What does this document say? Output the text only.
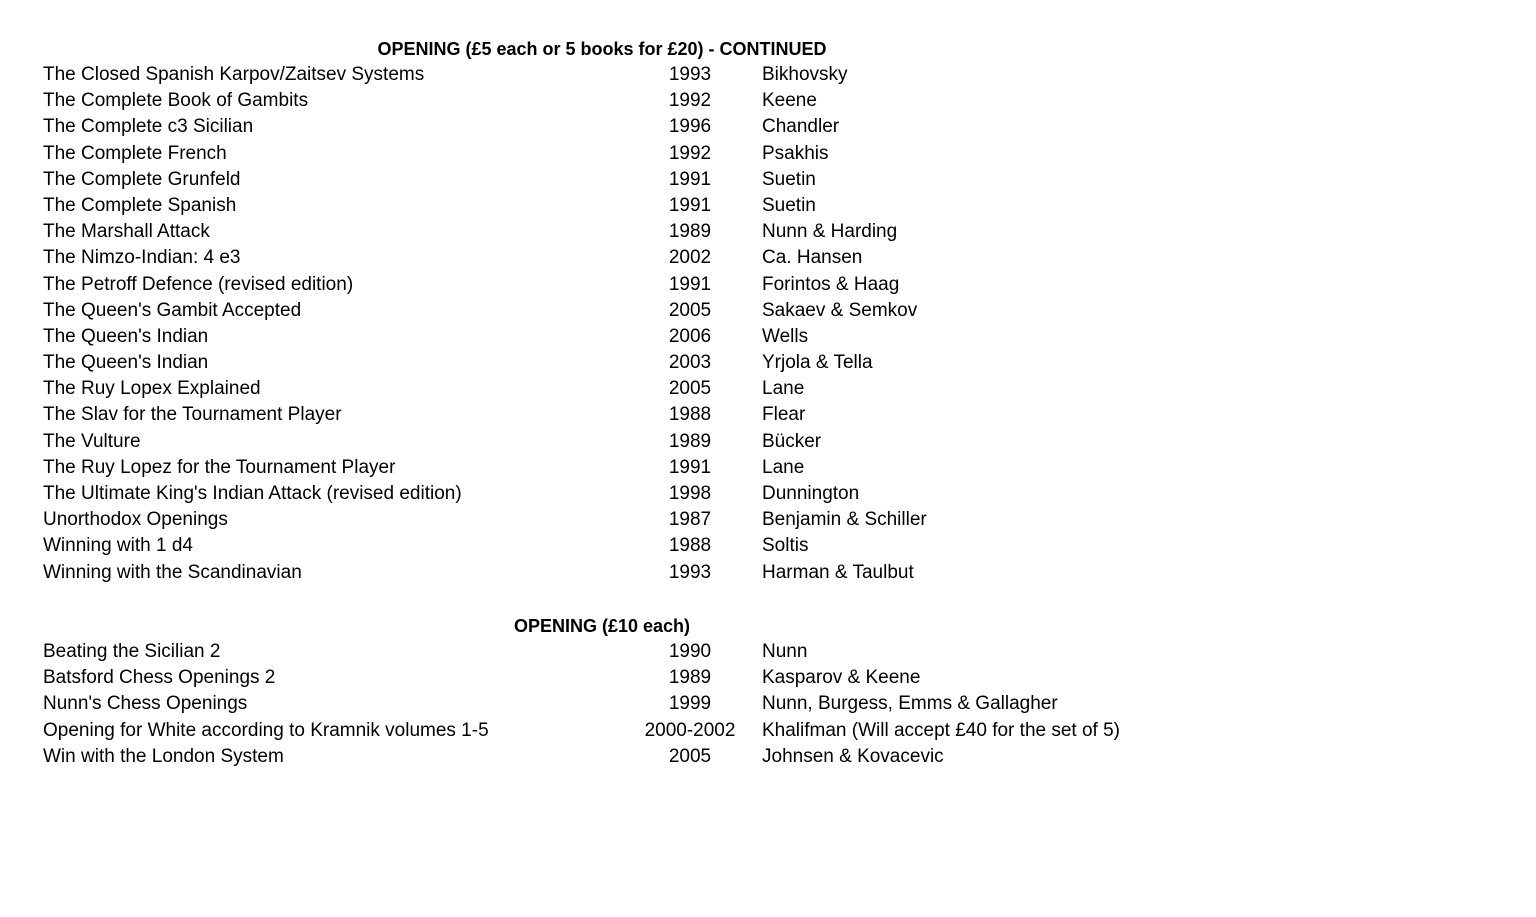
OPENING (£5 each or 5 books for £20) - CONTINUED
The Closed Spanish Karpov/Zaitsev Systems	1993	Bikhovsky
The Complete Book of Gambits	1992	Keene
The Complete c3 Sicilian	1996	Chandler
The Complete French	1992	Psakhis
The Complete Grunfeld	1991	Suetin
The Complete Spanish	1991	Suetin
The Marshall Attack	1989	Nunn & Harding
The Nimzo-Indian: 4 e3	2002	Ca. Hansen
The Petroff Defence (revised edition)	1991	Forintos & Haag
The Queen's Gambit Accepted	2005	Sakaev & Semkov
The Queen's Indian	2006	Wells
The Queen's Indian	2003	Yrjola & Tella
The Ruy Lopex Explained	2005	Lane
The Slav for the Tournament Player	1988	Flear
The Vulture	1989	Bücker
The Ruy Lopez for the Tournament Player	1991	Lane
The Ultimate King's Indian Attack (revised edition)	1998	Dunnington
Unorthodox Openings	1987	Benjamin & Schiller
Winning with 1 d4	1988	Soltis
Winning with the Scandinavian	1993	Harman & Taulbut
OPENING (£10 each)
Beating the Sicilian 2	1990	Nunn
Batsford Chess Openings 2	1989	Kasparov & Keene
Nunn's Chess Openings	1999	Nunn, Burgess, Emms & Gallagher
Opening for White according to Kramnik volumes 1-5	2000-2002	Khalifman (Will accept £40 for the set of 5)
Win with the London System	2005	Johnsen & Kovacevic
